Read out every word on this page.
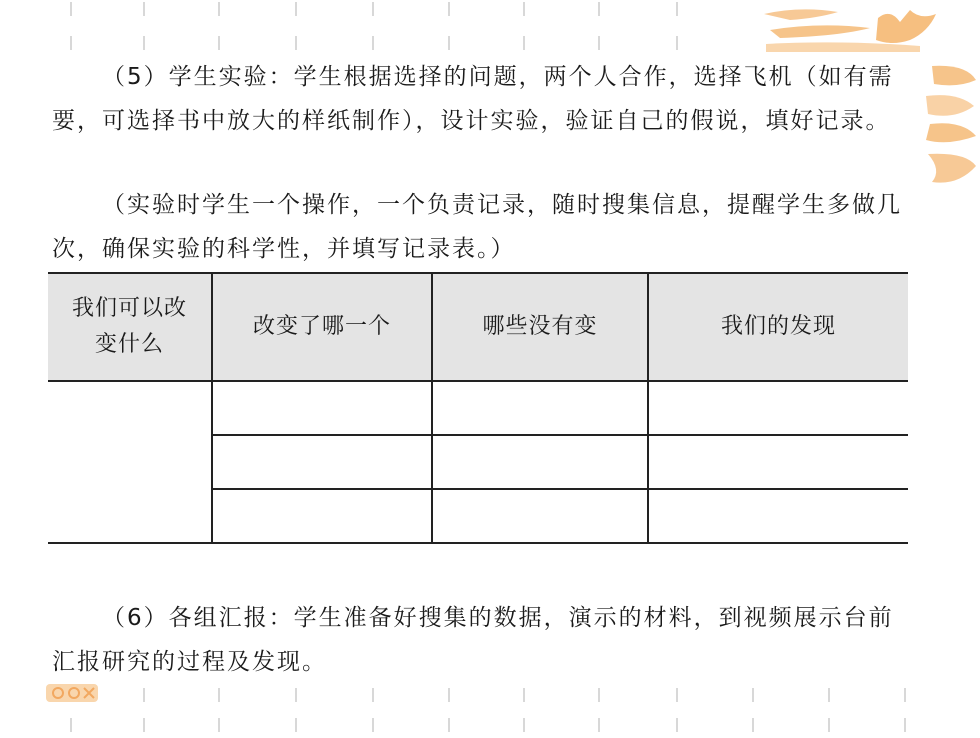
（5）学生实验：学生根据选择的问题，两个人合作，选择飞机（如有需要，可选择书中放大的样纸制作），设计实验，验证自己的假说，填好记录。

（实验时学生一个操作，一个负责记录，随时搜集信息，提醒学生多做几次，确保实验的科学性，并填写记录表。）

我们可以改变什么	改变了哪一个	哪些没有变	我们的发现

（6）各组汇报：学生准备好搜集的数据，演示的材料，到视频展示台前汇报研究的过程及发现。
